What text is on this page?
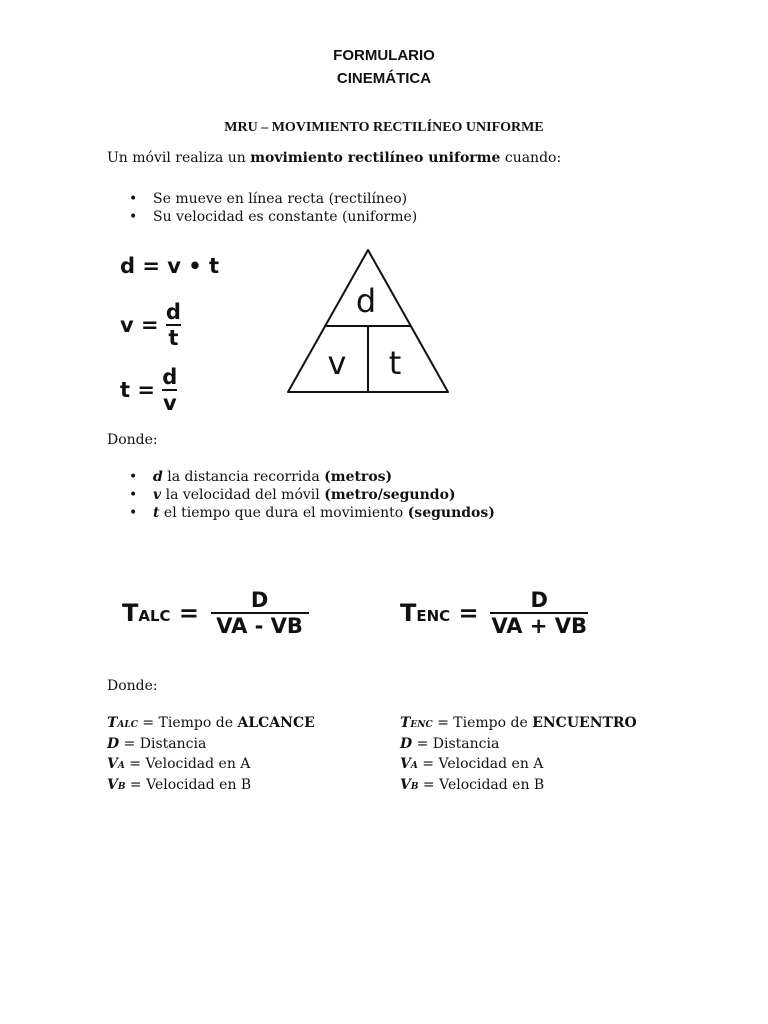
FORMULARIO
CINEMÁTICA
MRU – MOVIMIENTO RECTILÍNEO UNIFORME
Un móvil realiza un movimiento rectilíneo uniforme cuando:
• Se mueve en línea recta (rectilíneo)
• Su velocidad es constante (uniforme)
d = v • t
$v = \frac{d}{t}$
$t = \frac{d}{v}$
d
v t
Donde:
• d la distancia recorrida (metros)
• v la velocidad del móvil (metro/segundo)
• t el tiempo que dura el movimiento (segundos)
TALC = $\frac{D}{VA - VB}$	TENC = $\frac{D}{VA + VB}$
Donde:
TALC = Tiempo de ALCANCE
D = Distancia
VA = Velocidad en A
VB = Velocidad en B
TENC = Tiempo de ENCUENTRO
D = Distancia
VA = Velocidad en A
VB = Velocidad en B
